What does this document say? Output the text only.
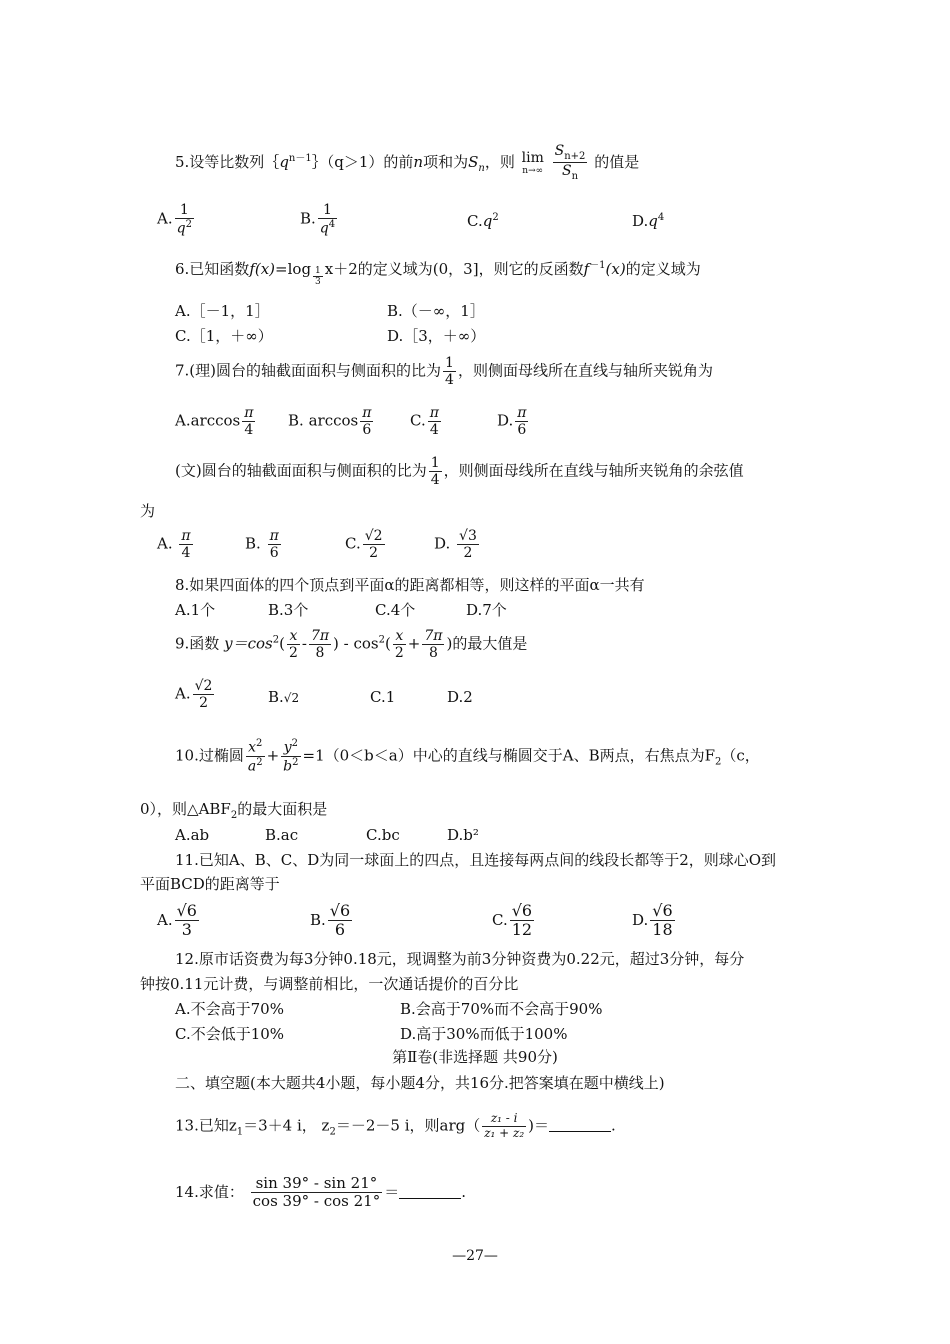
5.设等比数列$\{q^{n-1}\}(q>1)$的前n项和为$S_n$，则 lim
n→∞
$\frac{S_{n+2}}{S_n}$ 的值是
A. $\frac{1}{q^2}$	B. $\frac{1}{q^4}$	$C.q^2$	$D.q^4$
6.已知函数$f(x)=\log \frac{1}{3} x+2$的定义域为(0，3]，则它的反函数$f^{-1}(x)$的定义域为
A.［－1，1］	B.（－∞，1］
C.［1，＋∞）	D.［3，＋∞）
7.(理)圆台的轴截面面积与侧面积的比为 $\frac{1}{4}$ ，则侧面母线所在直线与轴所夹锐角为
$A.\arccos \frac{\pi}{4} B$. $\arccos \frac{\pi}{6} C$. $\frac{\pi}{4}$	D. $\frac{\pi}{6}$
(文)圆台的轴截面面积与侧面积的比为 $\frac{1}{4}$ ，则侧面母线所在直线与轴所夹锐角的余弦值
为
A. $\frac{\pi}{4}$	B. $\frac{\pi}{6}$	C. $\frac{√2}{2}$	D. $\frac{√3}{2}$
8.如果四面体的四个顶点到平面α的距离都相等，则这样的平面α一共有
A.1个	B.3个	C.4个	D.7个
9.函数 $y=\cos^2( \frac{x}{2} - \frac{7\pi}{8}$ ) - $\cos^2( \frac{x}{2} + \frac{7\pi}{8}$ )的最大值是
A. $\frac{√2}{2}$	B.√2	C.1	D.2
10.过椭圆 $\frac{x^2}{a^2} + \frac{y^2}{b^2} =1(0<b<a)$中心的直线与椭圆交于A、B两点，右焦点为$F_2(c$，
0），则$\triangle ABF_2$的最大面积是
A.ab	B.ac	C.bc	D.b²
11.已知A、B、C、D为同一球面上的四点，且连接每两点间的线段长都等于2，则球心O到
平面BCD的距离等于
A. $\frac{√6}{3}$	B. $\frac{√6}{6}$	C. $\frac{√6}{12}$	D. $\frac{√6}{18}$
12.原市话资费为每3分钟0.18元，现调整为前3分钟资费为0.22元，超过3分钟，每分
钟按0.11元计费，与调整前相比，一次通话提价的百分比
A.不会高于70%	B.会高于70%而不会高于90%
C.不会低于10%	D.高于30%而低于100%
第Ⅱ卷(非选择题 共90分)
二、填空题(本大题共4小题，每小题4分，共16分.把答案填在题中横线上)
13.已知$z_1=3+4$ i， $z_2=-2-5$ i，则$arg( \frac{\text{z₁ - i}}{\text{z₁ + z₂}}$ )＝	.
14.求值： $\frac{\sin 39^\circ - \sin 21^\circ}{\cos 39^\circ - \cos 21^\circ}$ ＝	.
—27—
